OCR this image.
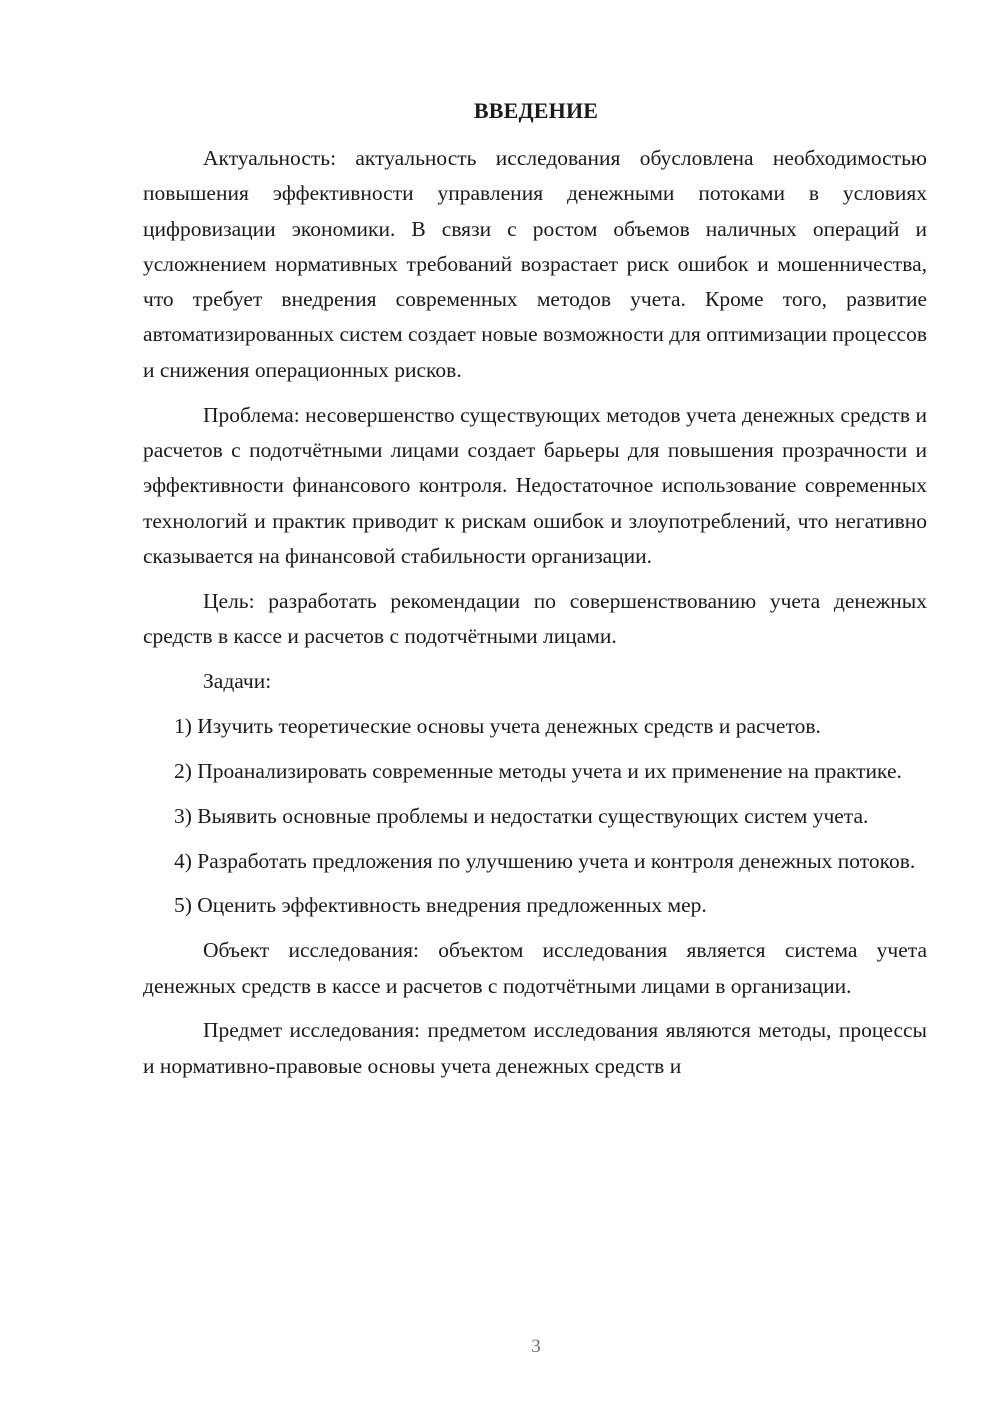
ВВЕДЕНИЕ

Актуальность: актуальность исследования обусловлена необходимостью повышения эффективности управления денежными потоками в условиях цифровизации экономики. В связи с ростом объемов наличных операций и усложнением нормативных требований возрастает риск ошибок и мошенничества, что требует внедрения современных методов учета. Кроме того, развитие автоматизированных систем создает новые возможности для оптимизации процессов и снижения операционных рисков.

Проблема: несовершенство существующих методов учета денежных средств и расчетов с подотчётными лицами создает барьеры для повышения прозрачности и эффективности финансового контроля. Недостаточное использование современных технологий и практик приводит к рискам ошибок и злоупотреблений, что негативно сказывается на финансовой стабильности организации.

Цель: разработать рекомендации по совершенствованию учета денежных средств в кассе и расчетов с подотчётными лицами.

Задачи:

1) Изучить теоретические основы учета денежных средств и расчетов.

2) Проанализировать современные методы учета и их применение на практике.

3) Выявить основные проблемы и недостатки существующих систем учета.

4) Разработать предложения по улучшению учета и контроля денежных потоков.

5) Оценить эффективность внедрения предложенных мер.

Объект исследования: объектом исследования является система учета денежных средств в кассе и расчетов с подотчётными лицами в организации.

Предмет исследования: предметом исследования являются методы, процессы и нормативно-правовые основы учета денежных средств и

3
